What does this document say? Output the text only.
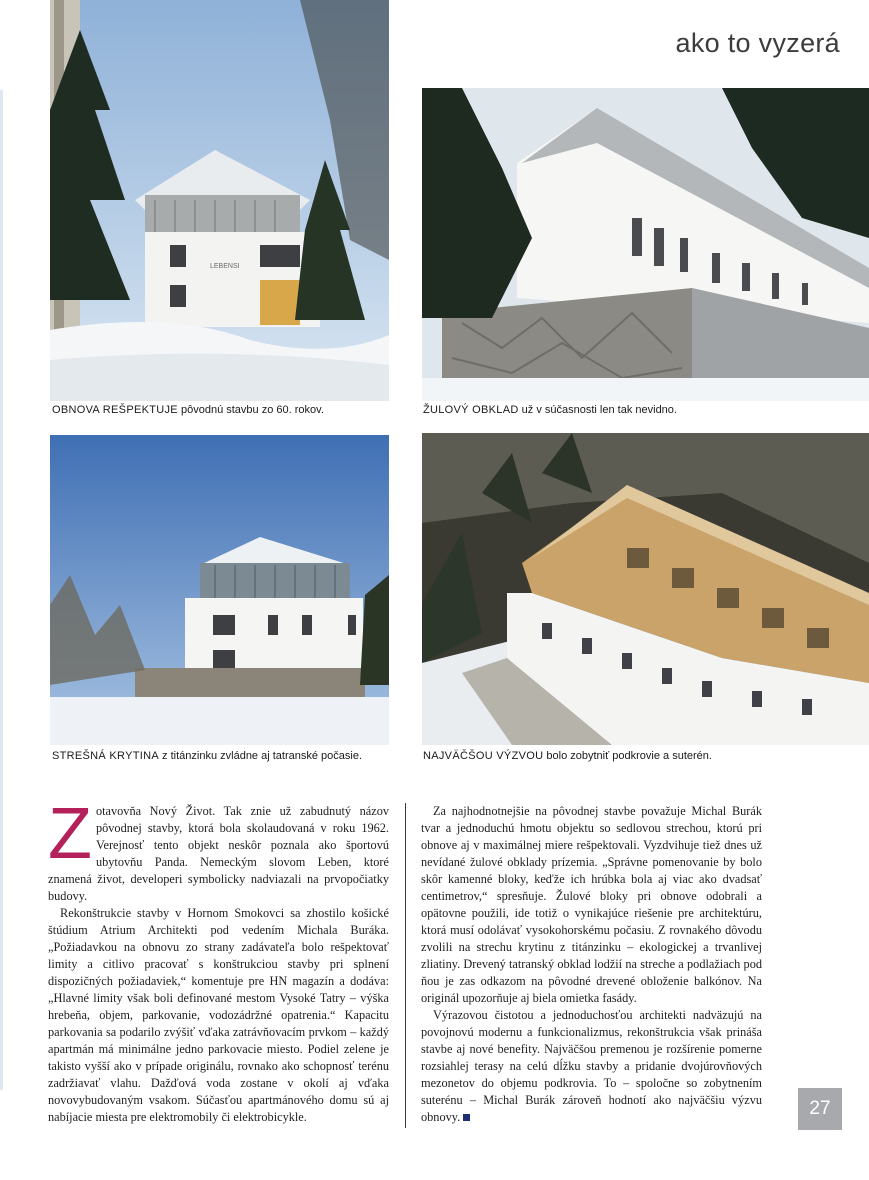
ako to vyzerá
LEBENSI
OBNOVA REŠPEKTUJE pôvodnú stavbu zo 60. rokov.	ŽULOVÝ OBKLAD už v súčasnosti len tak nevidno.
STREŠNÁ KRYTINA z titánzinku zvládne aj tatranské počasie.	NAJVÄČŠOU VÝZVOU bolo zobytniť podkrovie a suterén.

Zotavovňa Nový Život. Tak znie už zabudnutý názov pôvodnej stavby, ktorá bola skolaudovaná v roku 1962. Verejnosť tento objekt neskôr poznala ako športovú ubytovňu Panda. Nemeckým slovom Leben, ktoré znamená život, developeri symbolicky nadviazali na prvopočiatky budovy.

Rekonštrukcie stavby v Hornom Smokovci sa zhostilo košické štúdium Atrium Architekti pod vedením Michala Buráka. „Požiadavkou na obnovu zo strany zadávateľa bolo rešpektovať limity a citlivo pracovať s konštrukciou stavby pri splnení dispozičných požiadaviek,“ komentuje pre HN magazín a dodáva: „Hlavné limity však boli definované mestom Vysoké Tatry – výška hrebeňa, objem, parkovanie, vodozádržné opatrenia.“ Kapacitu parkovania sa podarilo zvýšiť vďaka zatrávňovacím prvkom – každý apartmán má minimálne jedno parkovacie miesto. Podiel zelene je takisto vyšší ako v prípade originálu, rovnako ako schopnosť terénu zadržiavať vlahu. Dažďová voda zostane v okolí aj vďaka novovybudovaným vsakom. Súčasťou apartmánového domu sú aj nabíjacie miesta pre elektromobily či elektrobicykle.

Za najhodnotnejšie na pôvodnej stavbe považuje Michal Burák tvar a jednoduchú hmotu objektu so sedlovou strechou, ktorú pri obnove aj v maximálnej miere rešpektovali. Vyzdvihuje tiež dnes už nevídané žulové obklady prízemia. „Správne pomenovanie by bolo skôr kamenné bloky, keďže ich hrúbka bola aj viac ako dvadsať centimetrov,“ spresňuje. Žulové bloky pri obnove odobrali a opätovne použili, ide totiž o vynikajúce riešenie pre architektúru, ktorá musí odolávať vysokohorskému počasiu. Z rovnakého dôvodu zvolili na strechu krytinu z titánzinku – ekologickej a trvanlivej zliatiny. Drevený tatranský obklad lodžií na streche a podlažiach pod ňou je zas odkazom na pôvodné drevené obloženie balkónov. Na originál upozorňuje aj biela omietka fasády.

Výrazovou čistotou a jednoduchosťou architekti nadväzujú na povojnovú modernu a funkcionalizmus, rekonštrukcia však prináša stavbe aj nové benefity. Najväčšou premenou je rozšírenie pomerne rozsiahlej terasy na celú dĺžku stavby a pridanie dvojúrovňových mezonetov do objemu podkrovia. To – spoločne so zobytnením suterénu – Michal Burák zároveň hodnotí ako najväčšiu výzvu obnovy.	27
